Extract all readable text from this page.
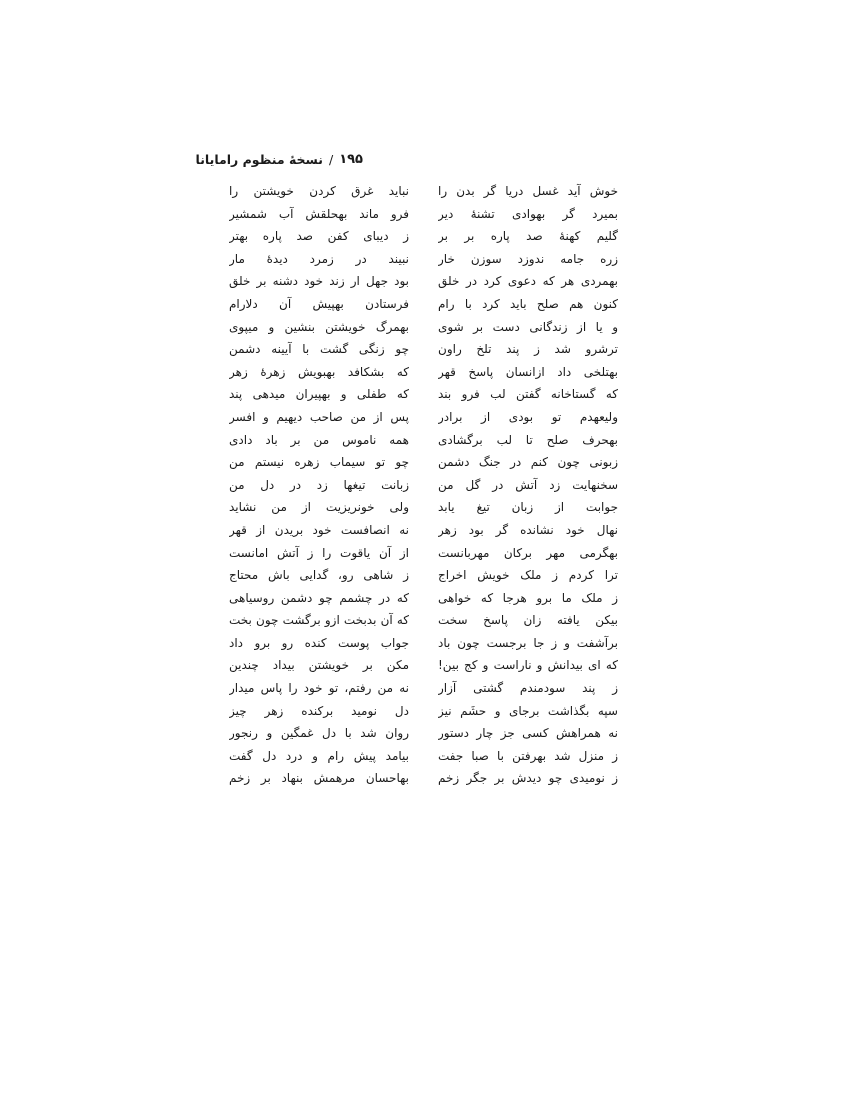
۱۹۵
/
نسخهٔ منظوم رامایانا
خوش آید غسل دریا گر بدن را
بمیرد گر بهوادی تشنهٔ دیر
گلیم کهنهٔ صد پاره بر بر
زره جامه ندوزد سوزن خار
بهمردی هر که دعوی کرد در خلق
کنون هم صلح باید کرد با رام
و یا از زندگانی دست بر شوی
ترشرو شد ز پند تلخ راون
بهتلخی داد ازانسان پاسخ قهر
که گستاخانه گفتن لب فرو بند
ولیعهدم تو بودی از برادر
بهحرف صلح تا لب برگشادی
زبونی چون کنم در جنگ دشمن
سخنهایت زد آتش در گل من
جوابت از زبان تیغ یابد
نهال خود نشانده گر بود زهر
بهگرمی مهر برکان مهربانست
ترا کردم ز ملک خویش اخراج
ز ملک ما برو هرجا که خواهی
بیکن یافته زان پاسخ سخت
برآشفت و ز جا برجست چون باد
که ای بیدانش و ناراست و کج بین!
ز پند سودمندم گشتی آزار
سپه بگذاشت برجای و حشَم نیز
نه همراهش کسی جز چار دستور
ز منزل شد بهرفتن با صبا جفت
ز نومیدی چو دیدش بر جگر زخم
نباید غرق کردن خویشتن را
فرو ماند بهحلقش آب شمشیر
ز دیبای کفن صد پاره بهتر
نبیند در زمرد دیدهٔ مار
بود جهل ار زند خود دشنه بر خلق
فرستادن بهپیش آن دلارام
بهمرگ خویشتن بنشین و میپوی
چو زنگی گشت با آیینه دشمن
که بشکافد بهبویش زهرهٔ زهر
که طفلی و بهپیران میدهی پند
پس از من صاحب دیهیم و افسر
همه ناموس من بر باد دادی
چو تو سیماب زهره نیستم من
زبانت تیغها زد در دل من
ولی خونریزیت از من نشاید
نه انصافست خود بریدن از قهر
از آن یاقوت را ز آتش امانست
ز شاهی رو، گدایی باش محتاج
که در چشمم چو دشمن روسیاهی
که آن بدبخت ازو برگشت چون بخت
جواب پوست کنده رو برو داد
مکن بر خویشتن بیداد چندین
نه من رفتم، تو خود را پاس میدار
دل نومید برکنده زهر چیز
روان شد با دل غمگین و رنجور
بیامد پیش رام و درد دل گفت
بهاحسان مرهمش بنهاد بر زخم
